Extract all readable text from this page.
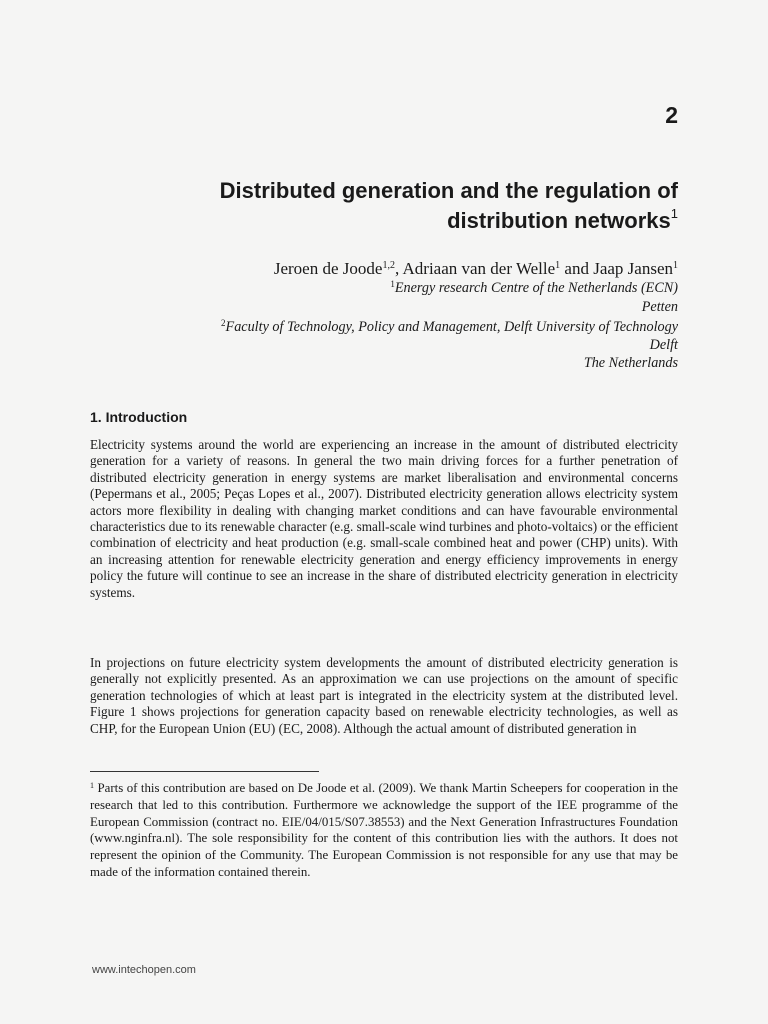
2
Distributed generation and the regulation of
distribution networks$^1$
Jeroen de Joode$^{1,2}$, Adriaan van der Welle$^1$ and Jaap Jansen$^1$
$^1$Energy research Centre of the Netherlands (ECN)
Petten
$^2$Faculty of Technology, Policy and Management, Delft University of Technology
Delft
The Netherlands
1. Introduction

Electricity systems around the world are experiencing an increase in the amount of distributed electricity generation for a variety of reasons. In general the two main driving forces for a further penetration of distributed electricity generation in energy systems are market liberalisation and environmental concerns (Pepermans et al., 2005; Peças Lopes et al., 2007). Distributed electricity generation allows electricity system actors more flexibility in dealing with changing market conditions and can have favourable environmental characteristics due to its renewable character (e.g. small-scale wind turbines and photo-voltaics) or the efficient combination of electricity and heat production (e.g. small-scale combined heat and power (CHP) units). With an increasing attention for renewable electricity generation and energy efficiency improvements in energy policy the future will continue to see an increase in the share of distributed electricity generation in electricity systems.

In projections on future electricity system developments the amount of distributed electricity generation is generally not explicitly presented. As an approximation we can use projections on the amount of specific generation technologies of which at least part is integrated in the electricity system at the distributed level. Figure 1 shows projections for generation capacity based on renewable electricity technologies, as well as CHP, for the European Union (EU) (EC, 2008). Although the actual amount of distributed generation in

$^1$ Parts of this contribution are based on De Joode et al. (2009). We thank Martin Scheepers for cooperation in the research that led to this contribution. Furthermore we acknowledge the support of the IEE programme of the European Commission (contract no. EIE/04/015/S07.38553) and the Next Generation Infrastructures Foundation (www.nginfra.nl). The sole responsibility for the content of this contribution lies with the authors. It does not represent the opinion of the Community. The European Commission is not responsible for any use that may be made of the information contained therein.

www.intechopen.com
